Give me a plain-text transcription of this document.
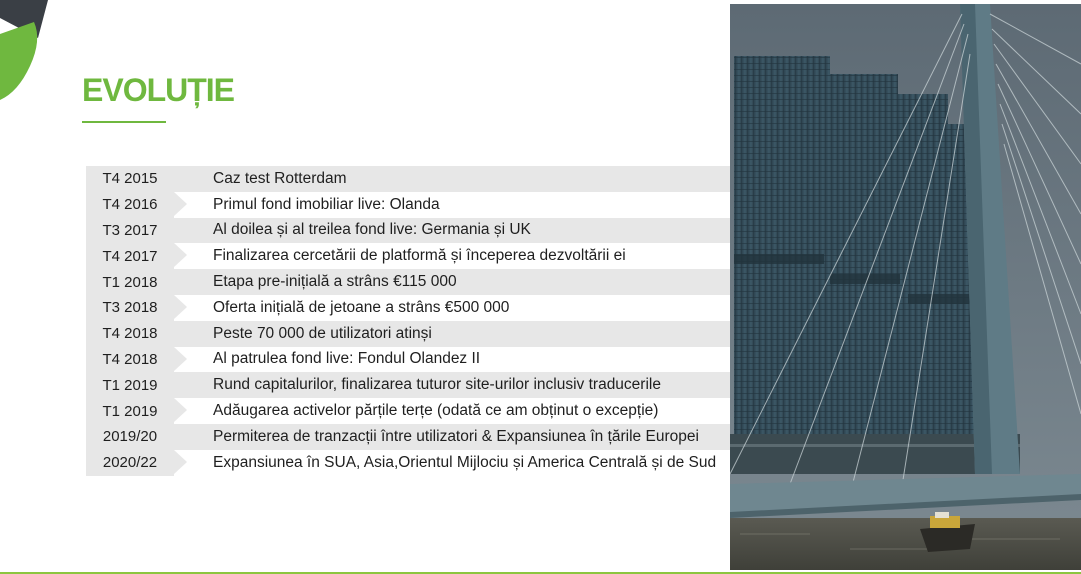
EVOLUȚIE
T4 2015	Caz test Rotterdam
T4 2016	Primul fond imobiliar live: Olanda
T3 2017	Al doilea și al treilea fond live: Germania și UK
T4 2017	Finalizarea cercetării de platformă și începerea dezvoltării ei
T1 2018	Etapa pre-inițială a strâns €115 000
T3 2018	Oferta inițială de jetoane a strâns €500 000
T4 2018	Peste 70 000 de utilizatori atinși
T4 2018	Al patrulea fond live: Fondul Olandez II
T1 2019	Rund capitalurilor, finalizarea tuturor site-urilor inclusiv traducerile
T1 2019	Adăugarea activelor părțile terțe (odată ce am obținut o excepție)
2019/20	Permiterea de tranzacții între utilizatori & Expansiunea în țările Europei
2020/22	Expansiunea în SUA, Asia,Orientul Mijlociu și America Centrală și de Sud
